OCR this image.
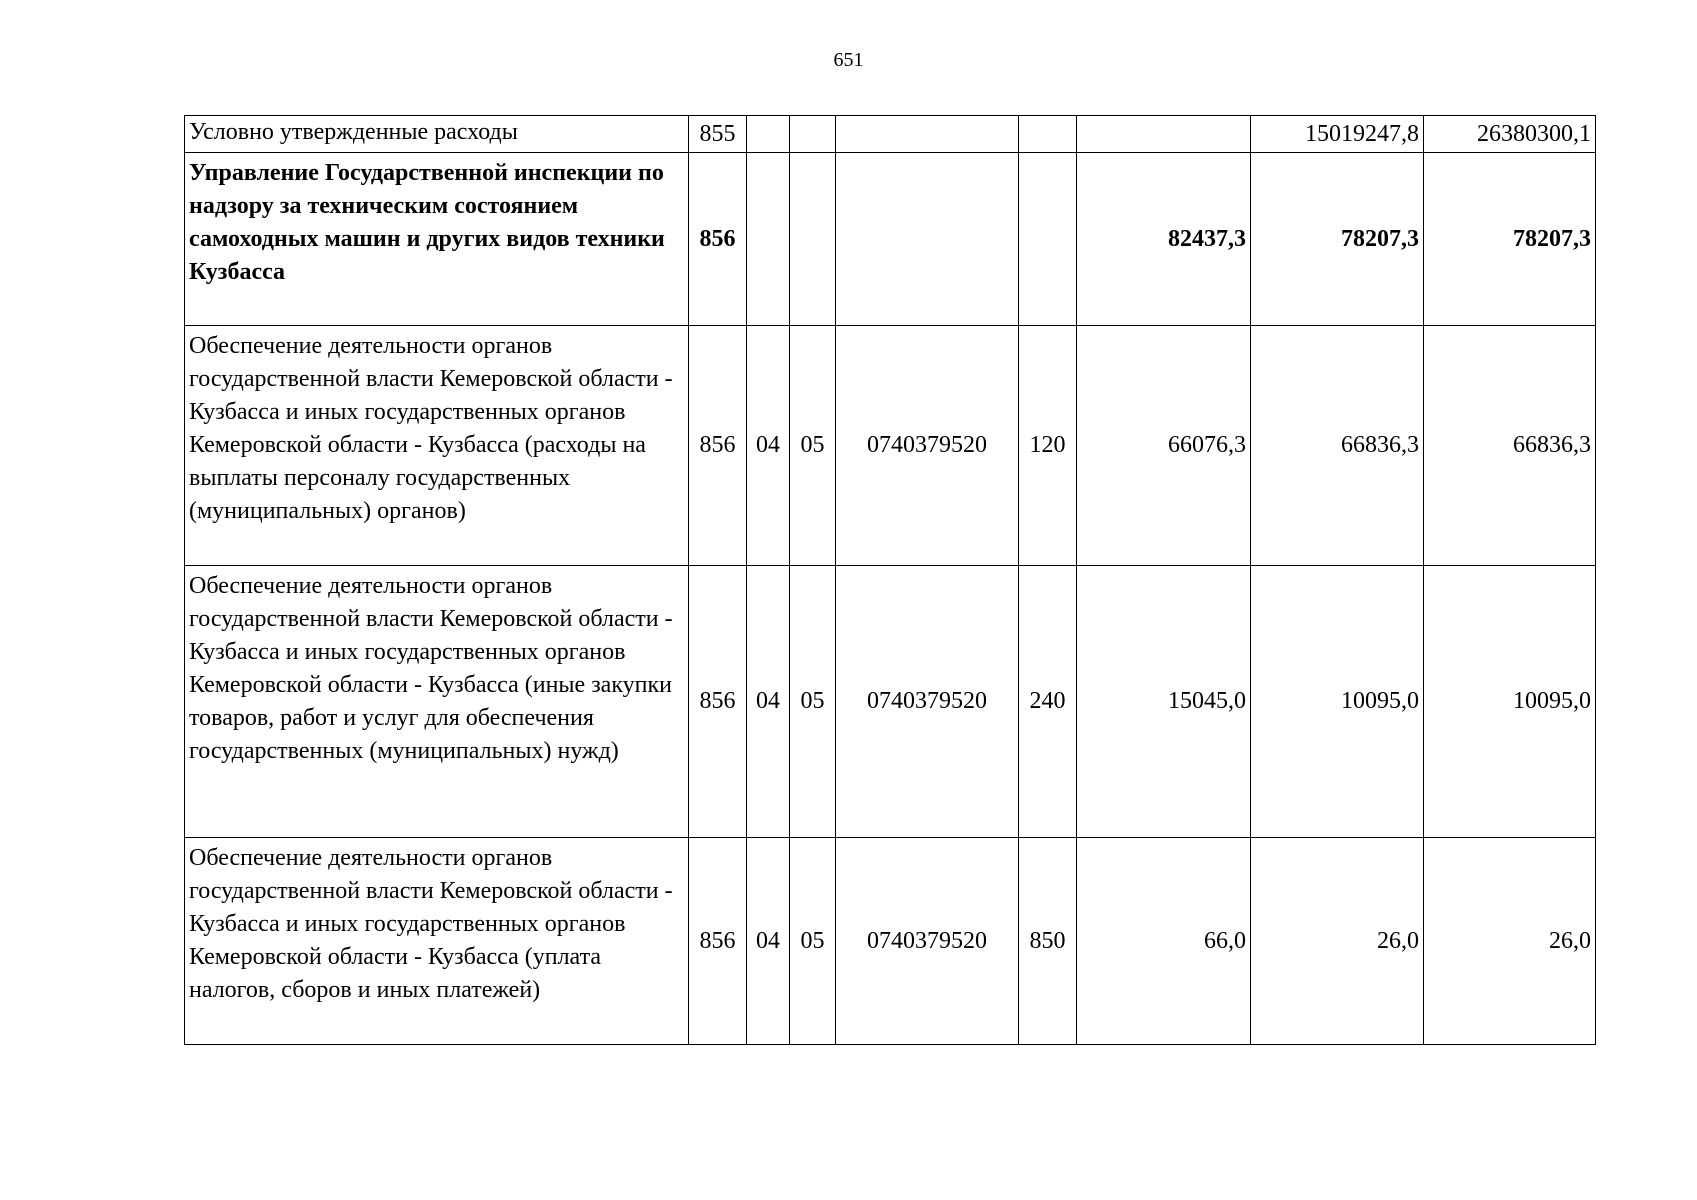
651
Условно утвержденные расходы	855						15019247,8	26380300,1
Управление Государственной инспекции по надзору за техническим состоянием самоходных машин и других видов техники Кузбасса	856					82437,3	78207,3	78207,3
Обеспечение деятельности органов государственной власти Кемеровской области - Кузбасса и иных государственных органов Кемеровской области - Кузбасса (расходы на выплаты персоналу государственных (муниципальных) органов)	856	04	05	0740379520	120	66076,3	66836,3	66836,3
Обеспечение деятельности органов государственной власти Кемеровской области - Кузбасса и иных государственных органов Кемеровской области - Кузбасса (иные закупки товаров, работ и услуг для обеспечения государственных (муниципальных) нужд)	856	04	05	0740379520	240	15045,0	10095,0	10095,0
Обеспечение деятельности органов государственной власти Кемеровской области - Кузбасса и иных государственных органов Кемеровской области - Кузбасса (уплата налогов, сборов и иных платежей)	856	04	05	0740379520	850	66,0	26,0	26,0
